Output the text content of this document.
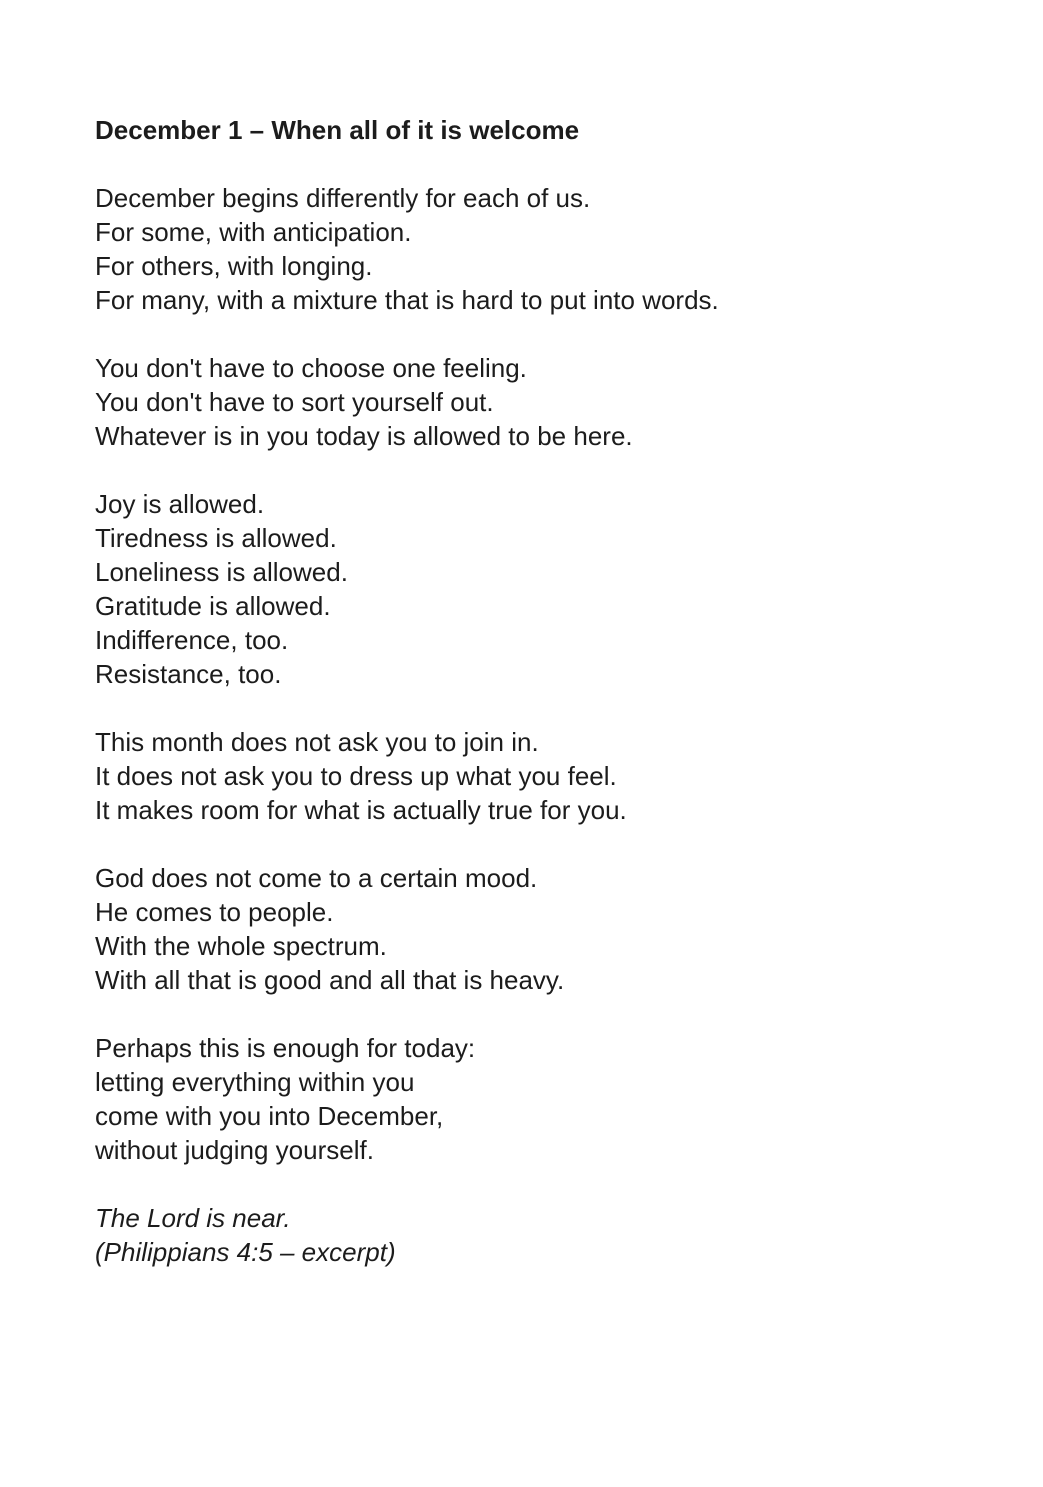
December 1 – When all of it is welcome
December begins differently for each of us.
For some, with anticipation.
For others, with longing.
For many, with a mixture that is hard to put into words.
You don't have to choose one feeling.
You don't have to sort yourself out.
Whatever is in you today is allowed to be here.
Joy is allowed.
Tiredness is allowed.
Loneliness is allowed.
Gratitude is allowed.
Indifference, too.
Resistance, too.
This month does not ask you to join in.
It does not ask you to dress up what you feel.
It makes room for what is actually true for you.
God does not come to a certain mood.
He comes to people.
With the whole spectrum.
With all that is good and all that is heavy.
Perhaps this is enough for today:
letting everything within you
come with you into December,
without judging yourself.
The Lord is near.
(Philippians 4:5 – excerpt)
